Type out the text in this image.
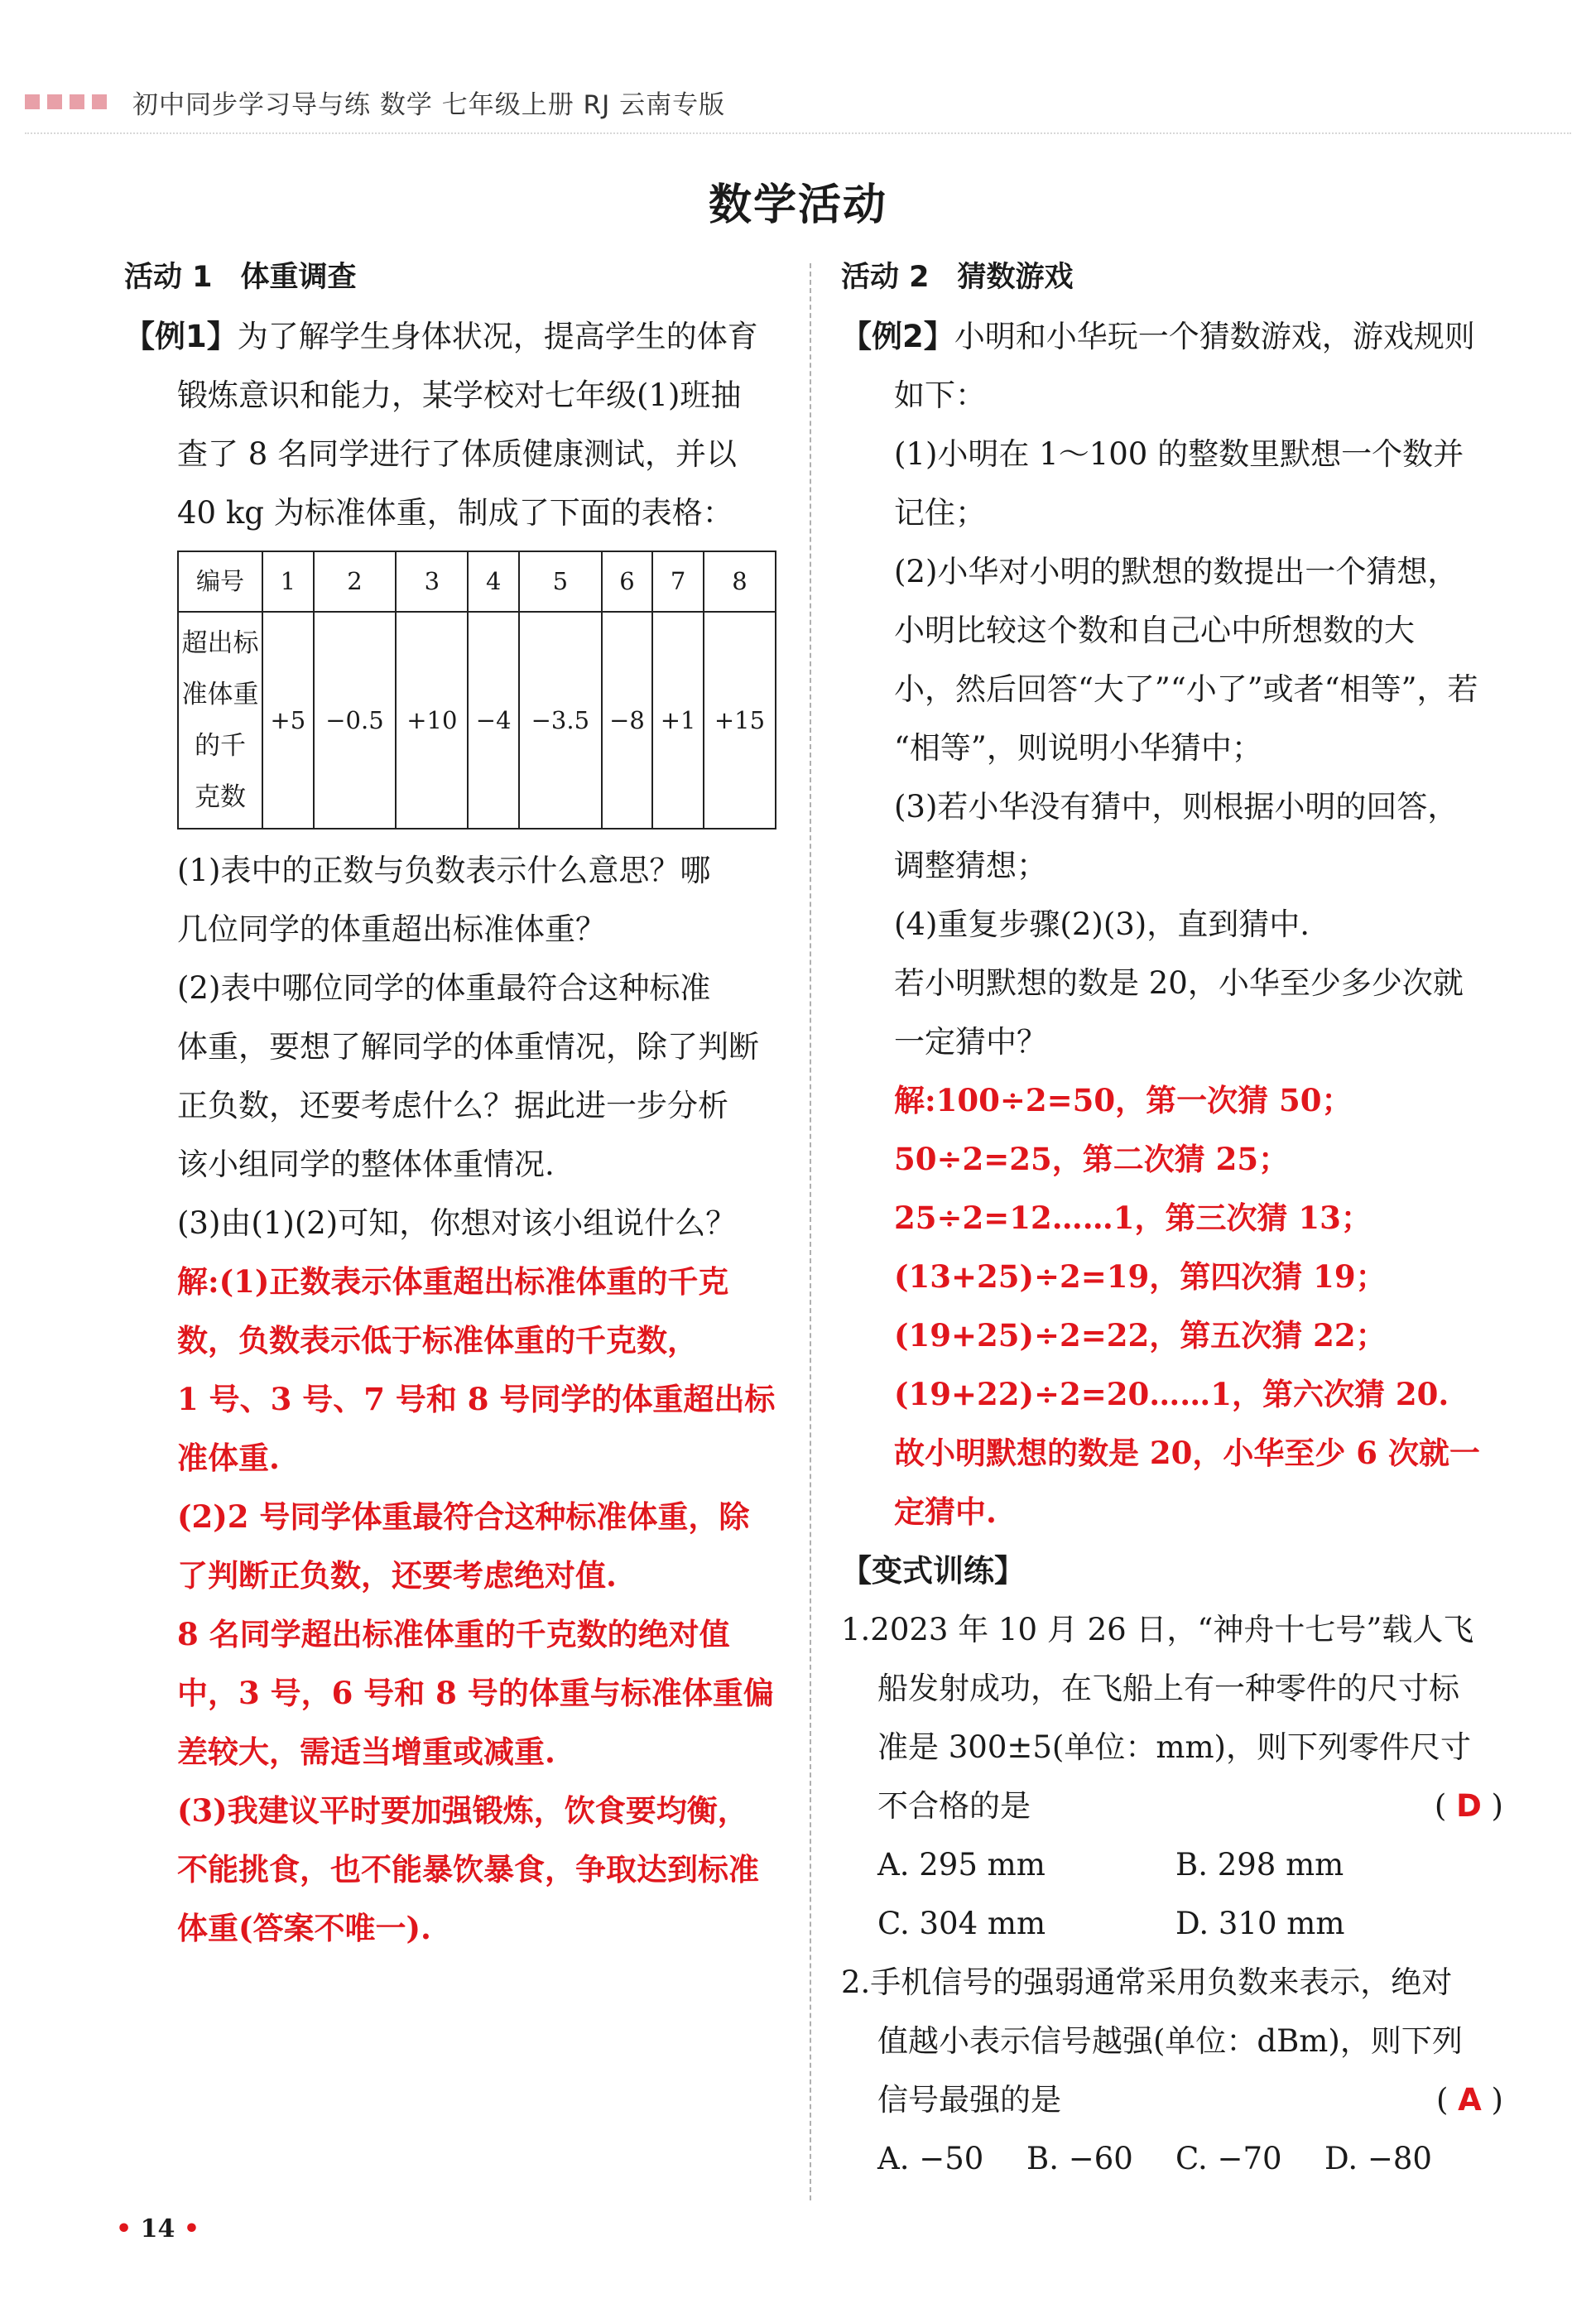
初中同步学习导与练 数学 七年级上册 RJ 云南专版
数学活动

活动 1 体重调查

【例1】为了解学生身体状况，提高学生的体育

锻炼意识和能力，某学校对七年级(1)班抽

查了 8 名同学进行了体质健康测试，并以

40 kg 为标准体重，制成了下面的表格：

编号	1	2	3	4	5	6	7	8

超出标
准体重
的千
克数	+5	−0.5	+10	−4	−3.5	−8	+1	+15

(1)表中的正数与负数表示什么意思？哪

几位同学的体重超出标准体重？

(2)表中哪位同学的体重最符合这种标准

体重，要想了解同学的体重情况，除了判断

正负数，还要考虑什么？据此进一步分析

该小组同学的整体体重情况.

(3)由(1)(2)可知，你想对该小组说什么？

解:(1)正数表示体重超出标准体重的千克

数，负数表示低于标准体重的千克数，

1 号、3 号、7 号和 8 号同学的体重超出标

准体重.

(2)2 号同学体重最符合这种标准体重，除

了判断正负数，还要考虑绝对值.

8 名同学超出标准体重的千克数的绝对值

中，3 号，6 号和 8 号的体重与标准体重偏

差较大，需适当增重或减重.

(3)我建议平时要加强锻炼，饮食要均衡，

不能挑食，也不能暴饮暴食，争取达到标准

体重(答案不唯一).

活动 2 猜数游戏

【例2】小明和小华玩一个猜数游戏，游戏规则

如下：

(1)小明在 1～100 的整数里默想一个数并

记住；

(2)小华对小明的默想的数提出一个猜想，

小明比较这个数和自己心中所想数的大

小，然后回答“大了”“小了”或者“相等”，若

“相等”，则说明小华猜中；

(3)若小华没有猜中，则根据小明的回答，

调整猜想；

(4)重复步骤(2)(3)，直到猜中.

若小明默想的数是 20，小华至少多少次就

一定猜中？

解:100÷2=50，第一次猜 50；

50÷2=25，第二次猜 25；

25÷2=12……1，第三次猜 13；

(13+25)÷2=19，第四次猜 19；

(19+25)÷2=22，第五次猜 22；

(19+22)÷2=20……1，第六次猜 20.

故小明默想的数是 20，小华至少 6 次就一

定猜中.

【变式训练】

1.2023 年 10 月 26 日，“神舟十七号”载人飞

船发射成功，在飞船上有一种零件的尺寸标

准是 300±5(单位：mm)，则下列零件尺寸

不合格的是	( D )

A. 295 mm	B. 298 mm
C. 304 mm	D. 310 mm

2.手机信号的强弱通常采用负数来表示，绝对

值越小表示信号越强(单位：dBm)，则下列

信号最强的是	( A )

A. −50	B. −60	C. −70	D. −80
• 14 •
